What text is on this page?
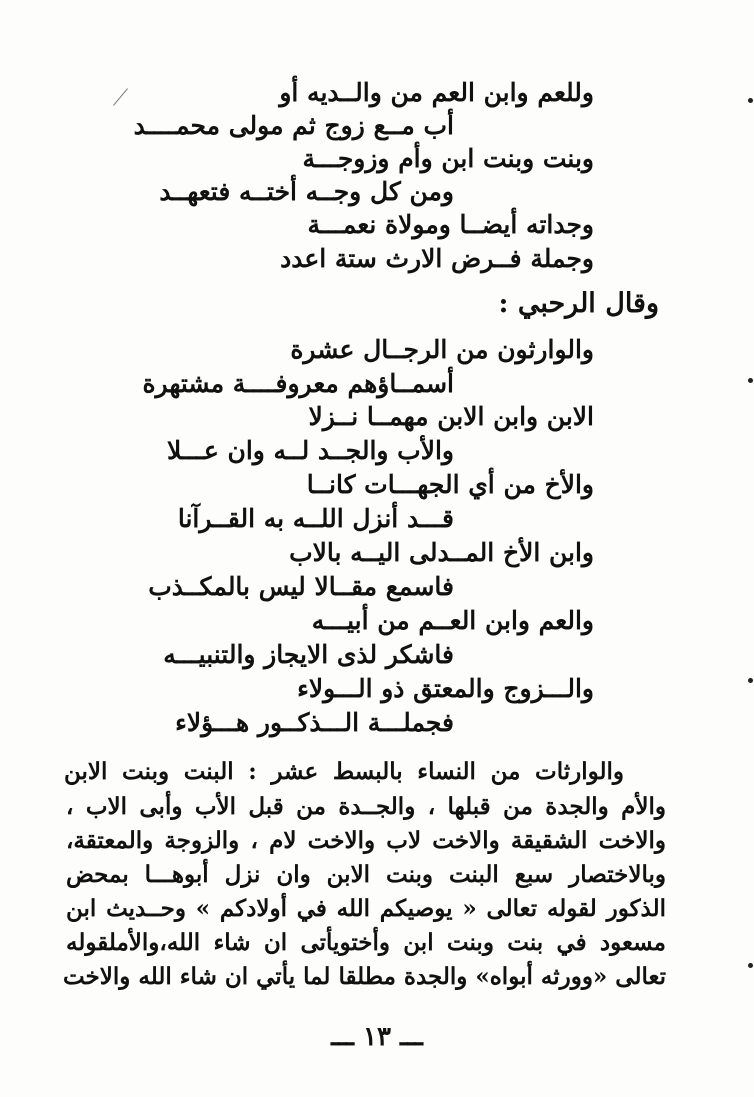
وللعم وابن العم من والــديه أو
أب مــع زوج ثم مولى محمــــد
وبنت وبنت ابن وأم وزوجـــة
ومن كل وجــه أختــه فتعهــد
وجداته أيضــا ومولاة نعمـــة
وجملة فــرض الارث ستة اعدد
وقال الرحبي :
والوارثون من الرجــال عشرة
أسمــاؤهم معروفــــة مشتهرة
الابن وابن الابن مهمــا نــزلا
والأب والجــد لــه وان عـــلا
والأخ من أي الجهـــات كانــا
قـــد أنزل اللــه به القــرآنا
وابن الأخ المــدلى اليــه بالاب
فاسمع مقــالا ليس بالمكــذب
والعم وابن العــم من أبيـــه
فاشكر لذى الايجاز والتنبيـــه
والـــزوج والمعتق ذو الـــولاء
فجملـــة الـــذكــور هـــؤلاء
والوارثات من النساء بالبسط عشر : البنت وبنت الابن
والأم والجدة من قبلها ، والجــدة من قبل الأب وأبى الاب ،
والاخت الشقيقة والاخت لاب والاخت لام ، والزوجة والمعتقة،
وبالاختصار سبع البنت وبنت الابن وان نزل أبوهـــا بمحض
الذكور لقوله تعالى « يوصيكم الله في أولادكم » وحــديث ابن
مسعود في بنت وبنت ابن وأختويأتى ان شاء الله،والأملقوله
تعالى «وورثه أبواه» والجدة مطلقا لما يأتي ان شاء الله والاخت
ـــ ١٣ ـــ
